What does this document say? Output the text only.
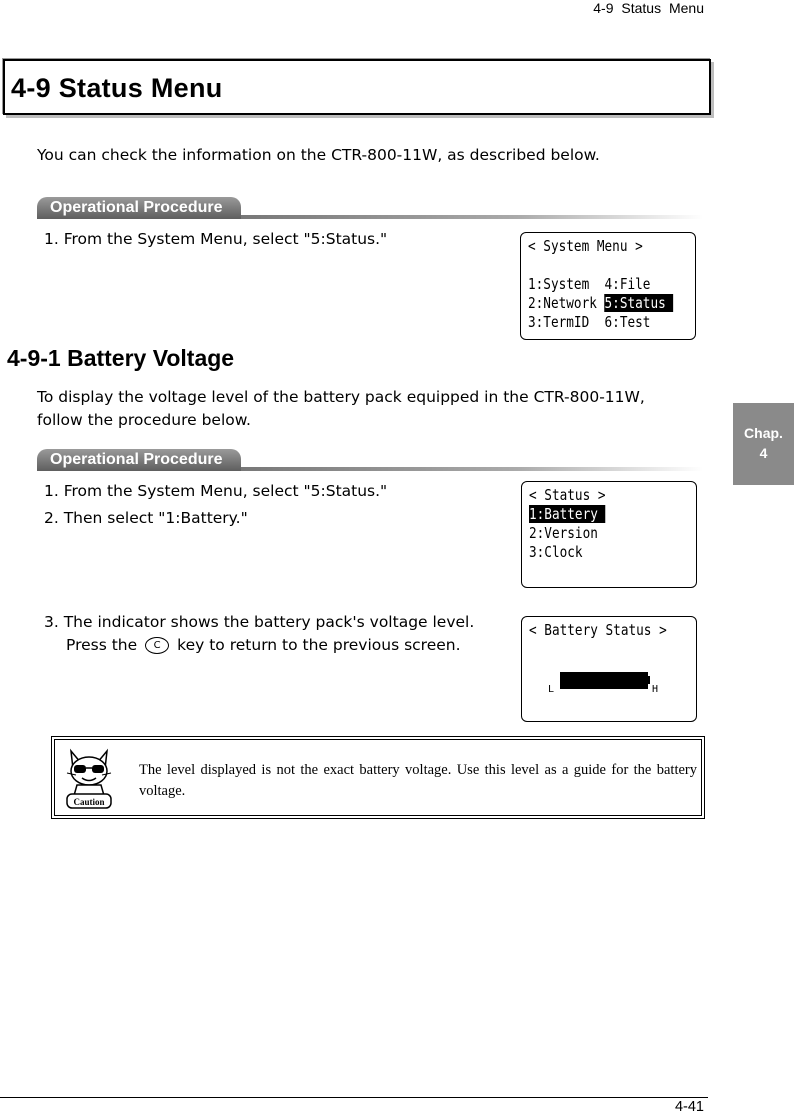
4-9 Status Menu
4-9 Status Menu
You can check the information on the CTR-800-11W, as described below.
Operational Procedure
1. From the System Menu, select "5:Status."	< System Menu >
1:System  4:File
2:Network 5:Status
3:TermID  6:Test
4-9-1 Battery Voltage
To display the voltage level of the battery pack equipped in the CTR-800-11W,
follow the procedure below.
Operational Procedure
1. From the System Menu, select "5:Status."
2. Then select "1:Battery."
< Status >
1:Battery
2:Version
3:Clock
3. The indicator shows the battery pack's voltage level.
Press the C key to return to the previous screen.
< Battery Status >
L	H
Caution
The level displayed is not the exact battery voltage. Use this level as a guide for the battery voltage.
Chap.
4
4-41
